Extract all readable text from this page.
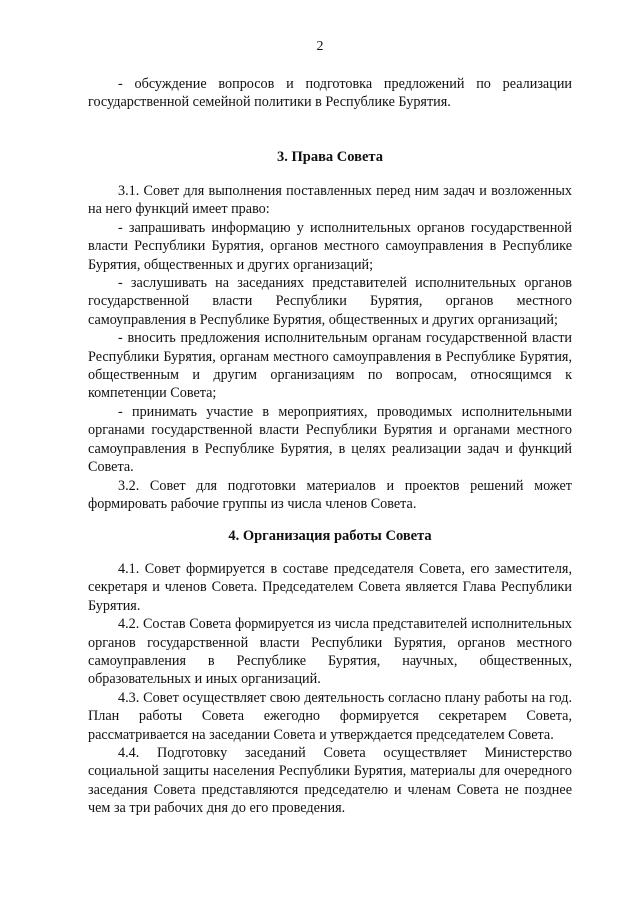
2

- обсуждение вопросов и подготовка предложений по реализации государственной семейной политики в Республике Бурятия.

3. Права Совета

3.1. Совет для выполнения поставленных перед ним задач и возложенных на него функций имеет право:

- запрашивать информацию у исполнительных органов государственной власти Республики Бурятия, органов местного самоуправления в Республике Бурятия, общественных и других организаций;

- заслушивать на заседаниях представителей исполнительных органов государственной власти Республики Бурятия, органов местного самоуправления в Республике Бурятия, общественных и других организаций;

- вносить предложения исполнительным органам государственной власти Республики Бурятия, органам местного самоуправления в Республике Бурятия, общественным и другим организациям по вопросам, относящимся к компетенции Совета;

- принимать участие в мероприятиях, проводимых исполнительными органами государственной власти Республики Бурятия и органами местного самоуправления в Республике Бурятия, в целях реализации задач и функций Совета.

3.2. Совет для подготовки материалов и проектов решений может формировать рабочие группы из числа членов Совета.

4. Организация работы Совета

4.1. Совет формируется в составе председателя Совета, его заместителя, секретаря и членов Совета. Председателем Совета является Глава Республики Бурятия.

4.2. Состав Совета формируется из числа представителей исполнительных органов государственной власти Республики Бурятия, органов местного самоуправления в Республике Бурятия, научных, общественных, образовательных и иных организаций.

4.3. Совет осуществляет свою деятельность согласно плану работы на год. План работы Совета ежегодно формируется секретарем Совета, рассматривается на заседании Совета и утверждается председателем Совета.

4.4. Подготовку заседаний Совета осуществляет Министерство социальной защиты населения Республики Бурятия, материалы для очередного заседания Совета представляются председателю и членам Совета не позднее чем за три рабочих дня до его проведения.
